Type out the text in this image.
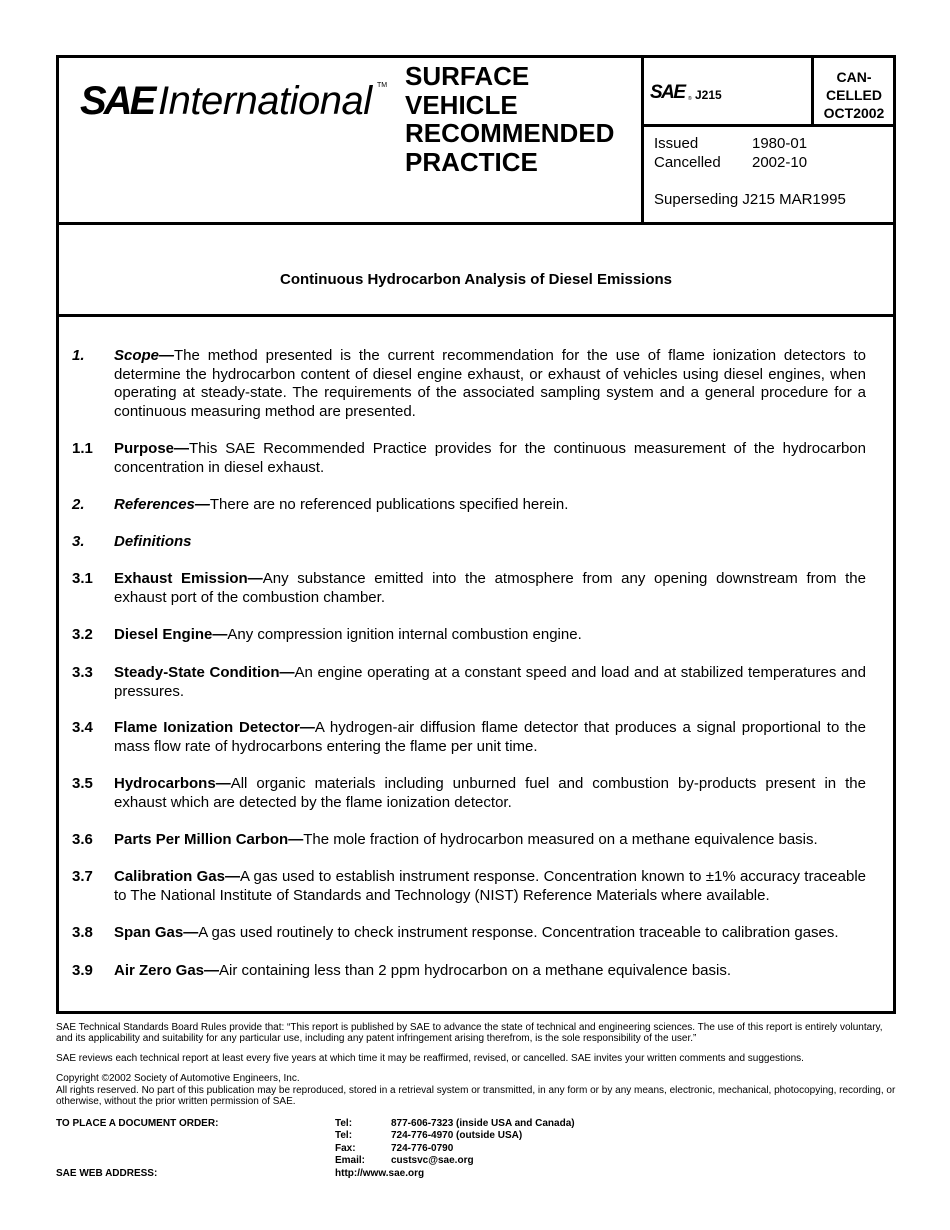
SAE International TM SURFACE
VEHICLE
RECOMMENDED
PRACTICE
SAE ® J215
CAN-
CELLED
OCT2002
Issued	1980-01
Cancelled 2002-10
Superseding J215 MAR1995
Continuous Hydrocarbon Analysis of Diesel Emissions
1. Scope—The method presented is the current recommendation for the use of flame ionization detectors to determine the hydrocarbon content of diesel engine exhaust, or exhaust of vehicles using diesel engines, when operating at steady-state. The requirements of the associated sampling system and a general procedure for a continuous measuring method are presented.
1.1 Purpose—This SAE Recommended Practice provides for the continuous measurement of the hydrocarbon concentration in diesel exhaust.
2. References—There are no referenced publications specified herein.
3. Definitions
3.1 Exhaust Emission—Any substance emitted into the atmosphere from any opening downstream from the exhaust port of the combustion chamber.
3.2 Diesel Engine—Any compression ignition internal combustion engine.
3.3 Steady-State Condition—An engine operating at a constant speed and load and at stabilized temperatures and pressures.
3.4 Flame Ionization Detector—A hydrogen-air diffusion flame detector that produces a signal proportional to the mass flow rate of hydrocarbons entering the flame per unit time.
3.5 Hydrocarbons—All organic materials including unburned fuel and combustion by-products present in the exhaust which are detected by the flame ionization detector.
3.6 Parts Per Million Carbon—The mole fraction of hydrocarbon measured on a methane equivalence basis.
3.7 Calibration Gas—A gas used to establish instrument response. Concentration known to ±1% accuracy traceable to The National Institute of Standards and Technology (NIST) Reference Materials where available.
3.8 Span Gas—A gas used routinely to check instrument response. Concentration traceable to calibration gases.
3.9 Air Zero Gas—Air containing less than 2 ppm hydrocarbon on a methane equivalence basis.
SAE Technical Standards Board Rules provide that: “This report is published by SAE to advance the state of technical and engineering sciences. The use of this report is entirely voluntary, and its applicability and suitability for any particular use, including any patent infringement arising therefrom, is the sole responsibility of the user.”
SAE reviews each technical report at least every five years at which time it may be reaffirmed, revised, or cancelled. SAE invites your written comments and suggestions.
Copyright ©2002 Society of Automotive Engineers, Inc.
All rights reserved. No part of this publication may be reproduced, stored in a retrieval system or transmitted, in any form or by any means, electronic, mechanical, photocopying, recording, or otherwise, without the prior written permission of SAE.
TO PLACE A DOCUMENT ORDER:	Tel:	877-606-7323 (inside USA and Canada)
Tel:	724-776-4970 (outside USA)
Fax:	724-776-0790
Email:	custsvc@sae.org
SAE WEB ADDRESS:	http://www.sae.org
